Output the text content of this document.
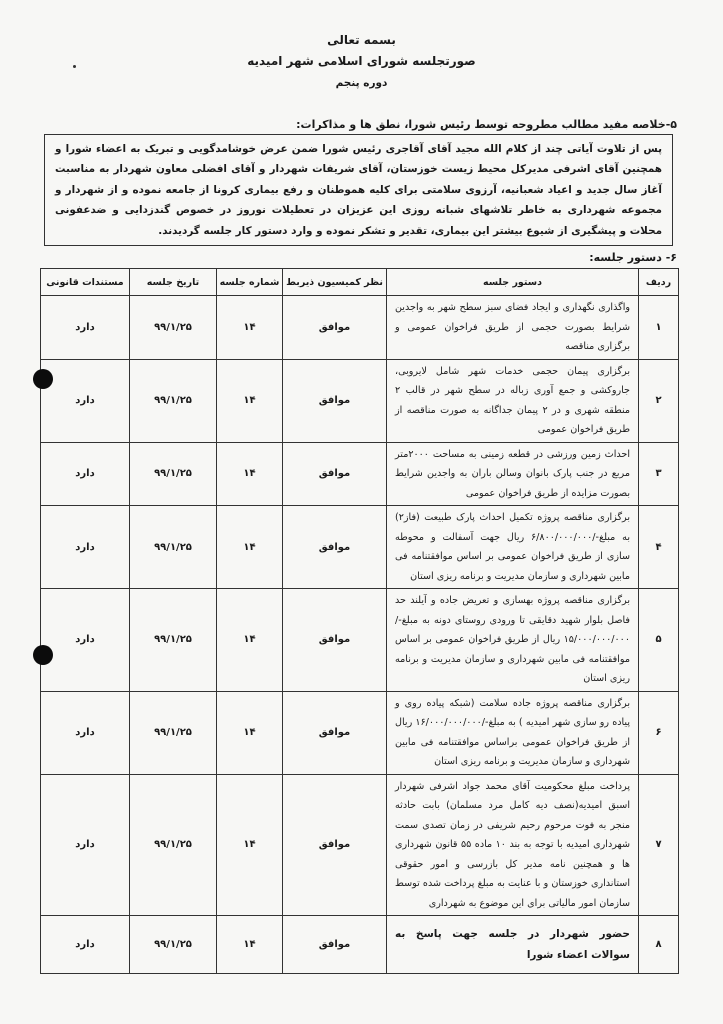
بسمه تعالی
صورتجلسه شورای اسلامی شهر امیدیه
دوره پنجم
۵-خلاصه مفید مطالب مطروحه توسط رئیس شورا، نطق ها و مذاکرات:
پس از تلاوت آیاتی چند از کلام الله مجید آقای آقاجری رئیس شورا ضمن عرض خوشامدگویی و تبریک به اعضاء شورا و همچنین آقای اشرفی مدیرکل محیط زیست خوزستان، آقای شریفات شهردار و آقای افضلی معاون شهردار به مناسبت آغاز سال جدید و اعیاد شعبانیه، آرزوی سلامتی برای کلیه هموطنان و رفع بیماری کرونا از جامعه نموده و از شهردار و مجموعه شهرداری به خاطر تلاشهای شبانه روزی این عزیزان در تعطیلات نوروز در خصوص گندزدایی و ضدعفونی محلات و پیشگیری از شیوع بیشتر این بیماری، تقدیر و تشکر نموده و وارد دستور کار جلسه گردیدند.
۶- دستور جلسه:
ردیف	دستور جلسه	نظر کمیسیون ذیربط	شماره جلسه	تاریخ جلسه	مستندات قانونی
۱	واگذاری نگهداری و ایجاد فضای سبز سطح شهر به واجدین شرایط بصورت حجمی از طریق فراخوان عمومی و برگزاری مناقصه	موافق	۱۴	۹۹/۱/۲۵	دارد
۲	برگزاری پیمان حجمی خدمات شهر شامل لایروبی، جاروکشی و جمع آوری زباله در سطح شهر در قالب ۲ منطقه شهری و در ۲ پیمان جداگانه به صورت مناقصه از طریق فراخوان عمومی	موافق	۱۴	۹۹/۱/۲۵	دارد
۳	احداث زمین ورزشی در قطعه زمینی به مساحت ۲۰۰۰متر مربع در جنب پارک بانوان وسالن باران به واجدین شرایط بصورت مزایده از طریق فراخوان عمومی	موافق	۱۴	۹۹/۱/۲۵	دارد
۴	برگزاری مناقصه پروژه تکمیل احداث پارک طبیعت (فاز۲) به مبلغ-/۶/۸۰۰/۰۰۰/۰۰۰ ریال جهت آسفالت و محوطه سازی از طریق فراخوان عمومی بر اساس موافقتنامه فی مابین شهرداری و سازمان مدیریت و برنامه ریزی استان	موافق	۱۴	۹۹/۱/۲۵	دارد
۵	برگزاری مناقصه پروژه بهسازی و تعریض جاده و آیلند حد فاصل بلوار شهید دقایقی تا ورودی روستای دونه به مبلغ-/۱۵/۰۰۰/۰۰۰/۰۰۰ ریال از طریق فراخوان عمومی بر اساس موافقتنامه فی مابین شهرداری و سازمان مدیریت و برنامه ریزی استان	موافق	۱۴	۹۹/۱/۲۵	دارد
۶	برگزاری مناقصه پروژه جاده سلامت (شبکه پیاده روی و پیاده رو سازی شهر امیدیه ) به مبلغ-/۱۶/۰۰۰/۰۰۰/۰۰۰ ریال از طریق فراخوان عمومی براساس موافقتنامه فی مابین شهرداری و سازمان مدیریت و برنامه ریزی استان	موافق	۱۴	۹۹/۱/۲۵	دارد
۷	پرداخت مبلغ محکومیت آقای محمد جواد اشرفی شهردار اسبق امیدیه(نصف دیه کامل مرد مسلمان) بابت حادثه منجر به فوت مرحوم رحیم شریفی در زمان تصدی سمت شهرداری امیدیه با توجه به بند ۱۰ ماده ۵۵ قانون شهرداری ها و همچنین نامه مدیر کل بازرسی و امور حقوقی استانداری خوزستان و با عنایت به مبلغ پرداخت شده توسط سازمان امور مالیاتی برای این موضوع به شهرداری	موافق	۱۴	۹۹/۱/۲۵	دارد
۸	حضور شهردار در جلسه جهت پاسخ به سوالات اعضاء شورا	موافق	۱۴	۹۹/۱/۲۵	دارد
